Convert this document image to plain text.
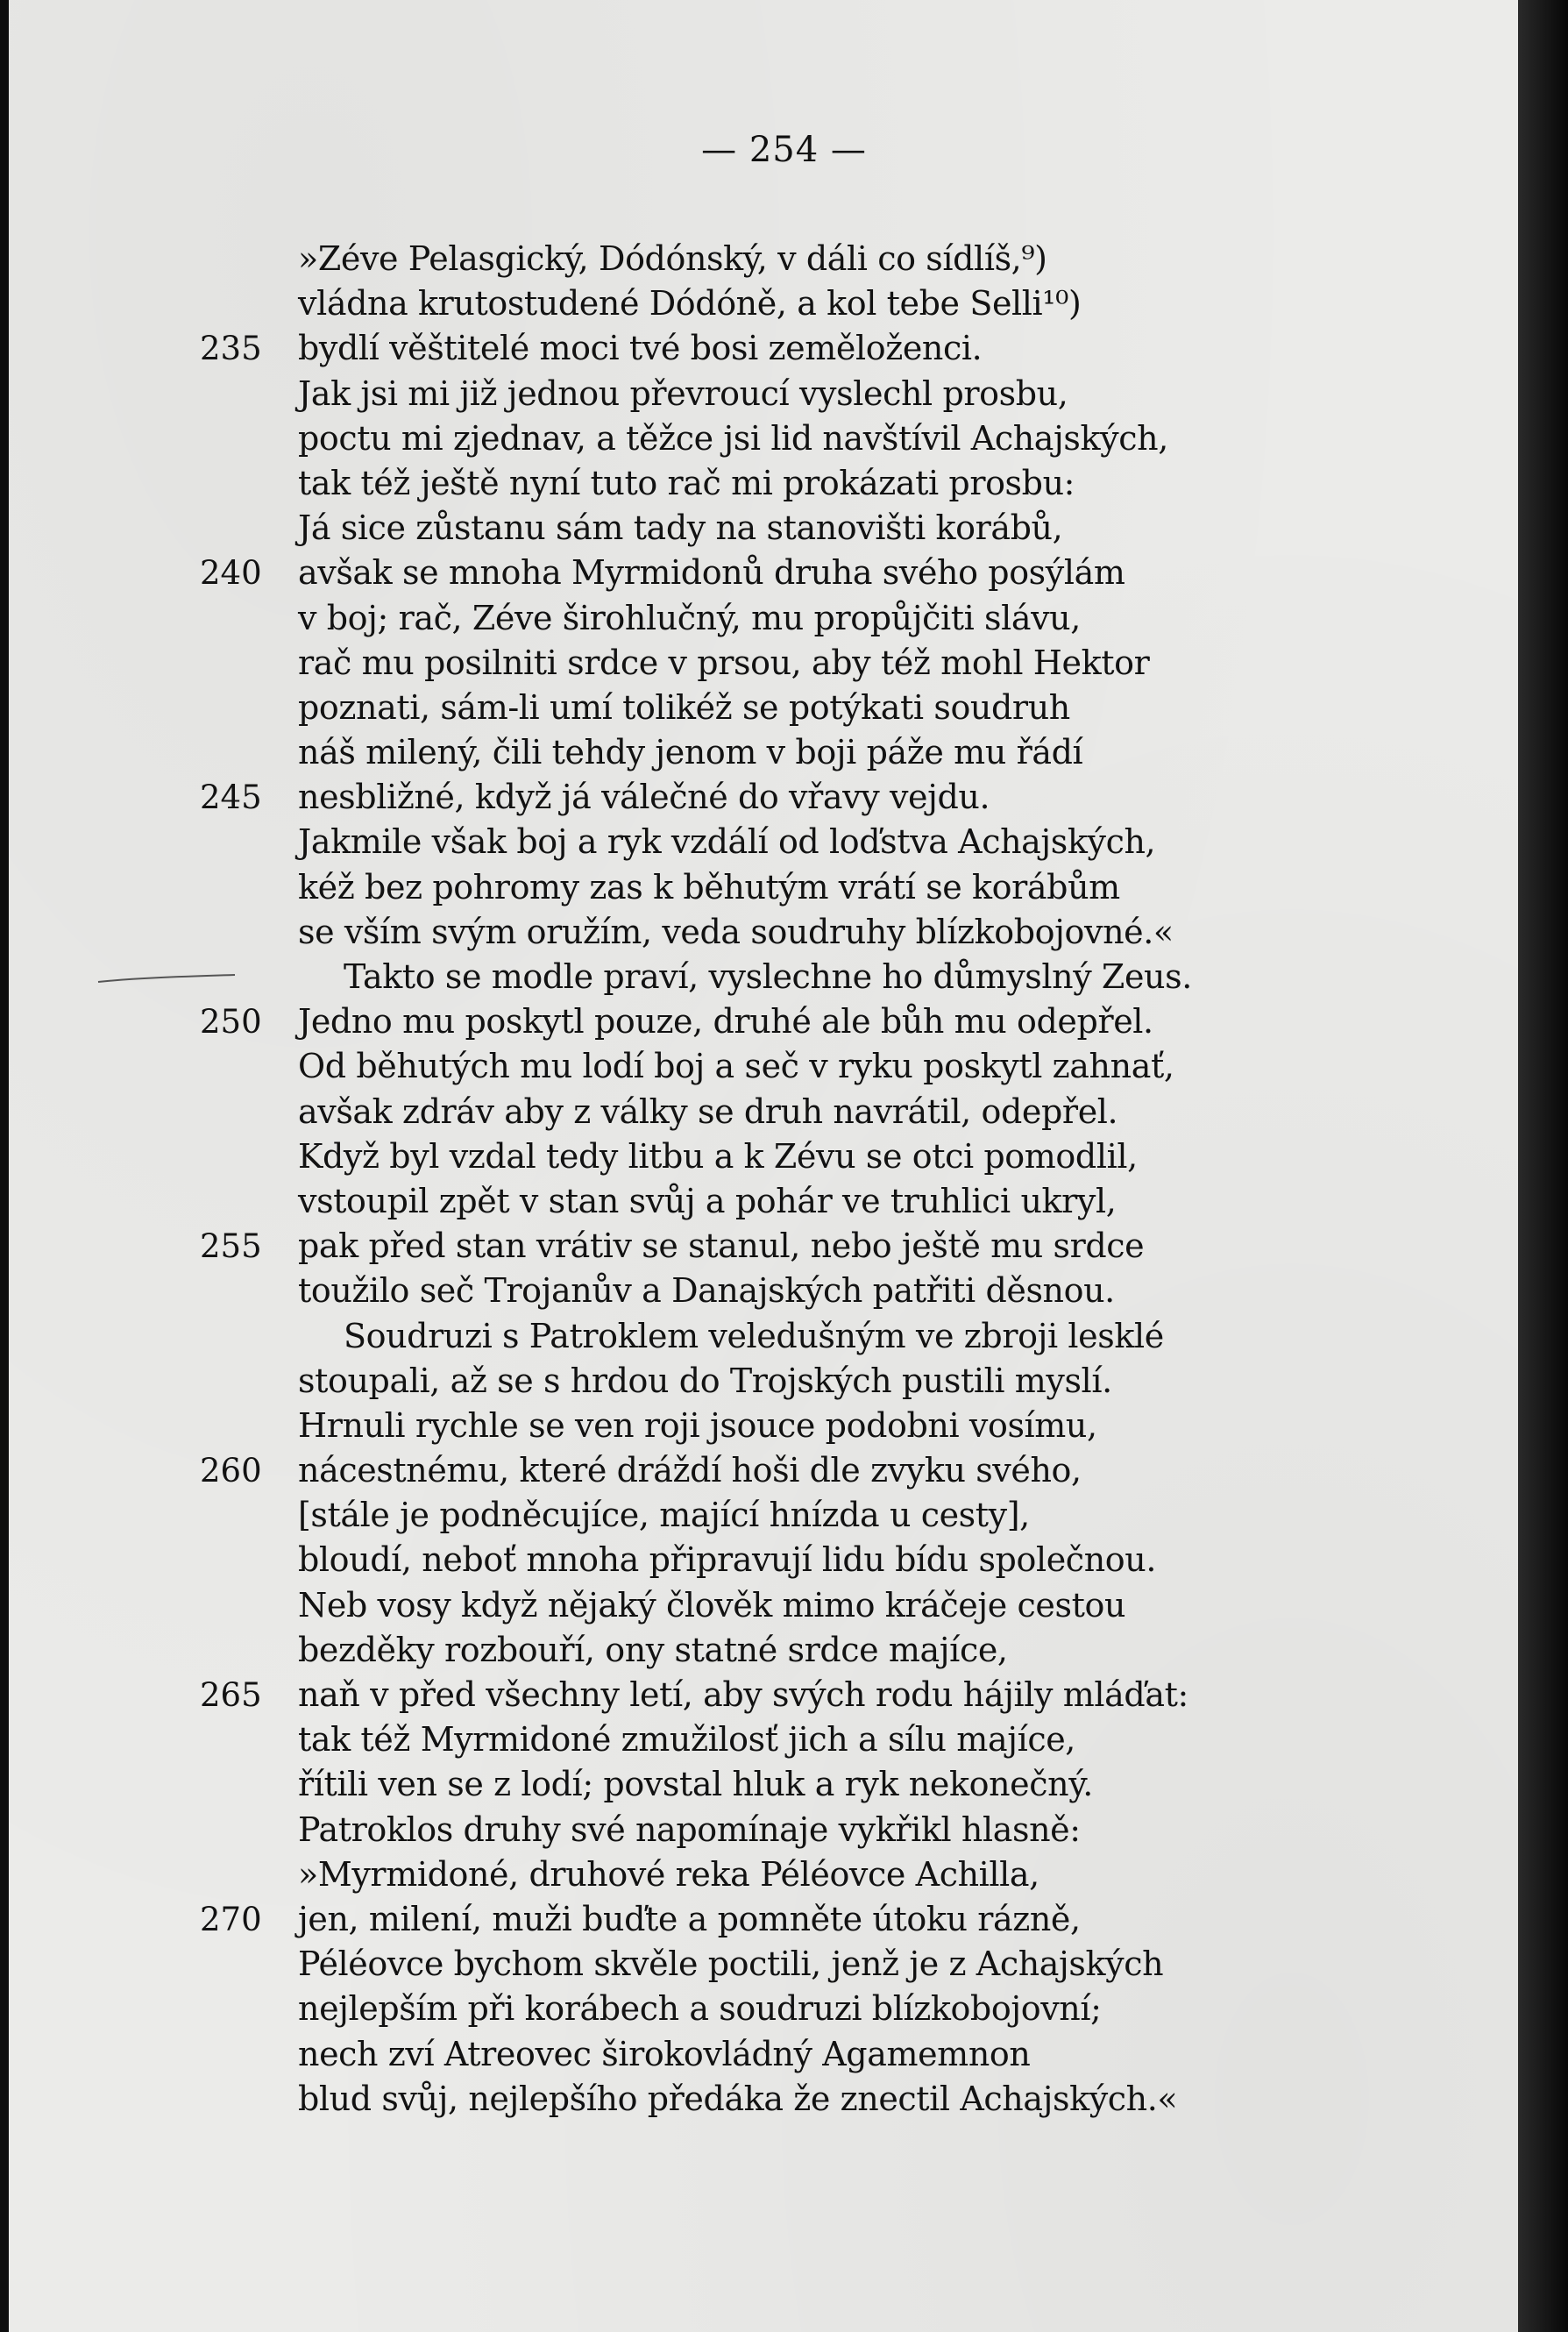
— 254 —
»Zéve Pelasgický, Dódónský, v dáli co sídlíš,⁹)
vládna krutostudené Dódóně, a kol tebe Selli¹⁰)
235	bydlí věštitelé moci tvé bosi zeměloženci.
Jak jsi mi již jednou převroucí vyslechl prosbu,
poctu mi zjednav, a těžce jsi lid navštívil Achajských,
tak též ještě nyní tuto rač mi prokázati prosbu:
Já sice zůstanu sám tady na stanovišti korábů,
240	avšak se mnoha Myrmidonů druha svého posýlám
v boj; rač, Zéve širohlučný, mu propůjčiti slávu,
rač mu posilniti srdce v prsou, aby též mohl Hektor
poznati, sám-li umí tolikéž se potýkati soudruh
náš milený, čili tehdy jenom v boji páže mu řádí
245	nesbližné, když já válečné do vřavy vejdu.
Jakmile však boj a ryk vzdálí od loďstva Achajských,
kéž bez pohromy zas k běhutým vrátí se korábům
se vším svým oružím, veda soudruhy blízkobojovné.«
Takto se modle praví, vyslechne ho důmyslný Zeus.
250	Jedno mu poskytl pouze, druhé ale bůh mu odepřel.
Od běhutých mu lodí boj a seč v ryku poskytl zahnať,
avšak zdráv aby z války se druh navrátil, odepřel.
Když byl vzdal tedy litbu a k Zévu se otci pomodlil,
vstoupil zpět v stan svůj a pohár ve truhlici ukryl,
255	pak před stan vrátiv se stanul, nebo ještě mu srdce
toužilo seč Trojanův a Danajských patřiti děsnou.
Soudruzi s Patroklem veledušným ve zbroji lesklé
stoupali, až se s hrdou do Trojských pustili myslí.
Hrnuli rychle se ven roji jsouce podobni vosímu,
260	nácestnému, které dráždí hoši dle zvyku svého,
[stále je podněcujíce, mající hnízda u cesty],
bloudí, neboť mnoha připravují lidu bídu společnou.
Neb vosy když nějaký člověk mimo kráčeje cestou
bezděky rozbouří, ony statné srdce majíce,
265	naň v před všechny letí, aby svých rodu hájily mláďat:
tak též Myrmidoné zmužilosť jich a sílu majíce,
řítili ven se z lodí; povstal hluk a ryk nekonečný.
Patroklos druhy své napomínaje vykřikl hlasně:
»Myrmidoné, druhové reka Péléovce Achilla,
270	jen, milení, muži buďte a pomněte útoku rázně,
Péléovce bychom skvěle poctili, jenž je z Achajských
nejlepším při korábech a soudruzi blízkobojovní;
nech zví Atreovec širokovládný Agamemnon
blud svůj, nejlepšího předáka že znectil Achajských.«
